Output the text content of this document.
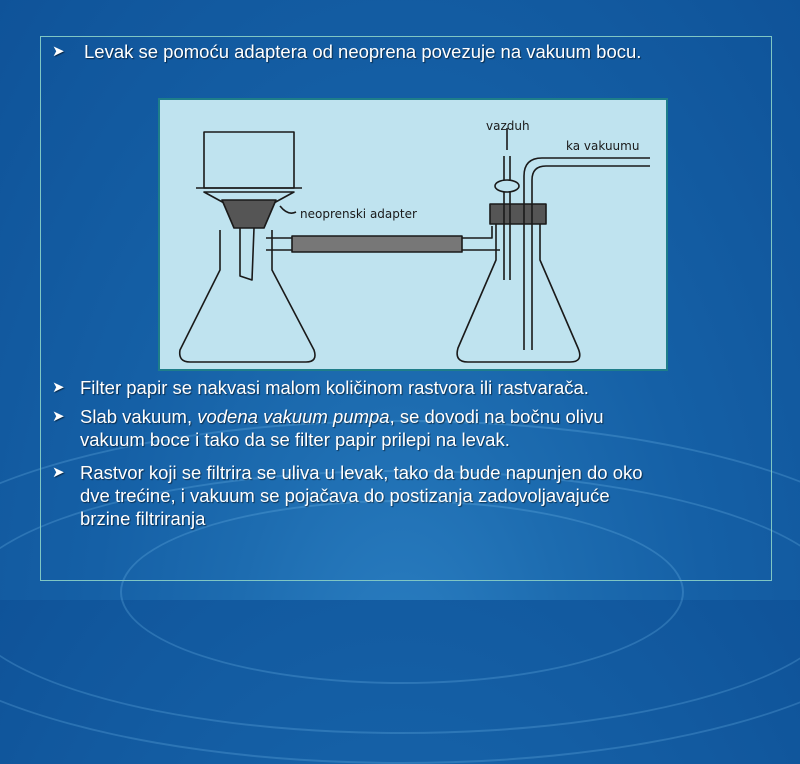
➤ Levak se pomoću adaptera od neoprena povezuje na vakuum bocu.
vazduh
ka vakuumu
neoprenski adapter
➤ Filter papir se nakvasi malom količinom rastvora ili rastvarača.
➤ Slab vakuum, vodena vakuum pumpa, se dovodi na bočnu olivu
vakuum boce i tako da se filter papir prilepi na levak.
➤ Rastvor koji se filtrira se uliva u levak, tako da bude napunjen do oko
dve trećine, i vakuum se pojačava do postizanja zadovoljavajuće
brzine filtriranja
